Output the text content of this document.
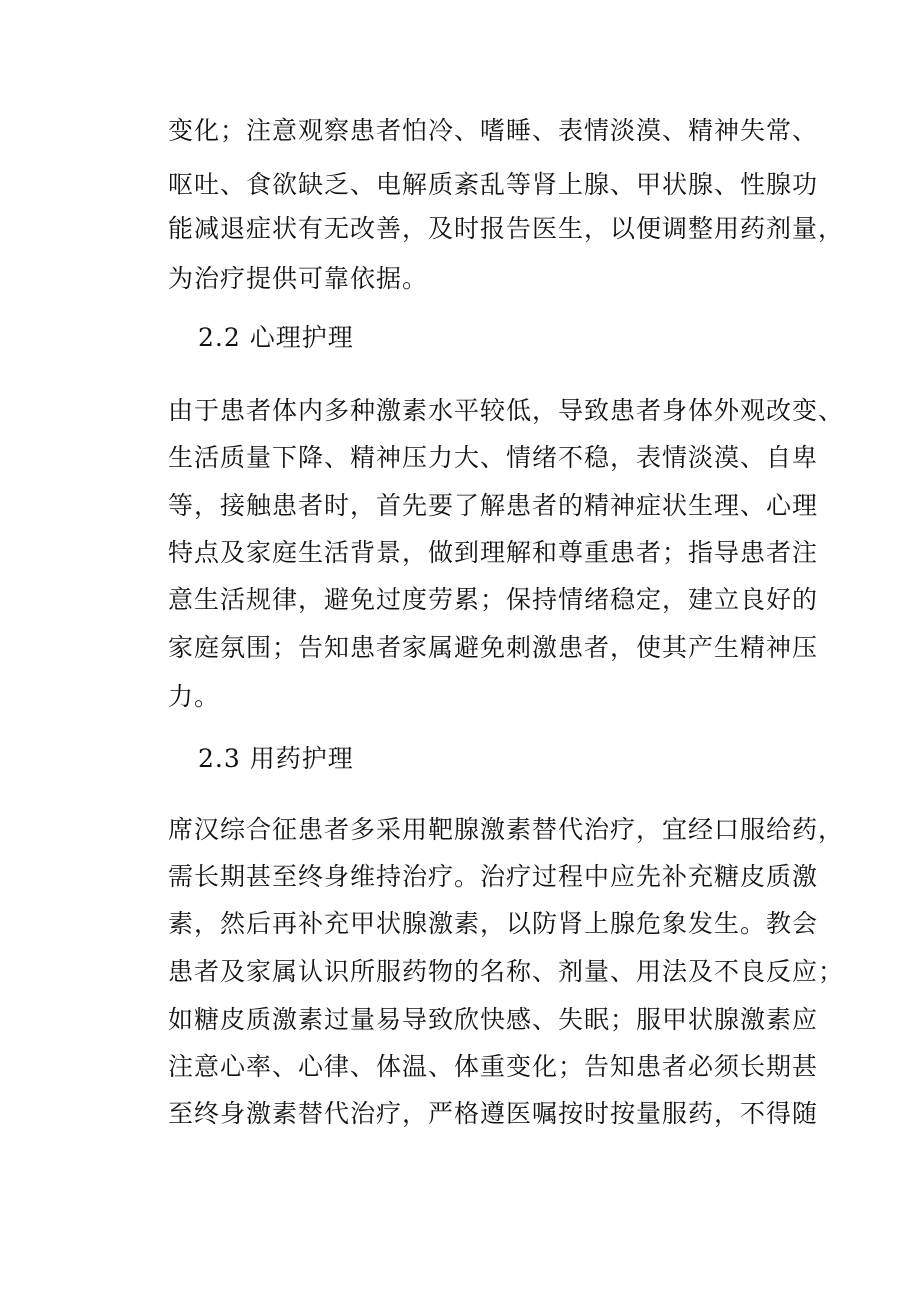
变化；注意观察患者怕冷、嗜睡、表情淡漠、精神失常、
呕吐、食欲缺乏、电解质紊乱等肾上腺、甲状腺、性腺功
能减退症状有无改善，及时报告医生，以便调整用药剂量，
为治疗提供可靠依据。
2.2 心理护理
由于患者体内多种激素水平较低，导致患者身体外观改变、
生活质量下降、精神压力大、情绪不稳，表情淡漠、自卑
等，接触患者时，首先要了解患者的精神症状生理、心理
特点及家庭生活背景，做到理解和尊重患者；指导患者注
意生活规律，避免过度劳累；保持情绪稳定，建立良好的
家庭氛围；告知患者家属避免刺激患者，使其产生精神压
力。
2.3 用药护理
席汉综合征患者多采用靶腺激素替代治疗，宜经口服给药，
需长期甚至终身维持治疗。治疗过程中应先补充糖皮质激
素，然后再补充甲状腺激素，以防肾上腺危象发生。教会
患者及家属认识所服药物的名称、剂量、用法及不良反应；
如糖皮质激素过量易导致欣快感、失眠；服甲状腺激素应
注意心率、心律、体温、体重变化；告知患者必须长期甚
至终身激素替代治疗，严格遵医嘱按时按量服药，不得随
